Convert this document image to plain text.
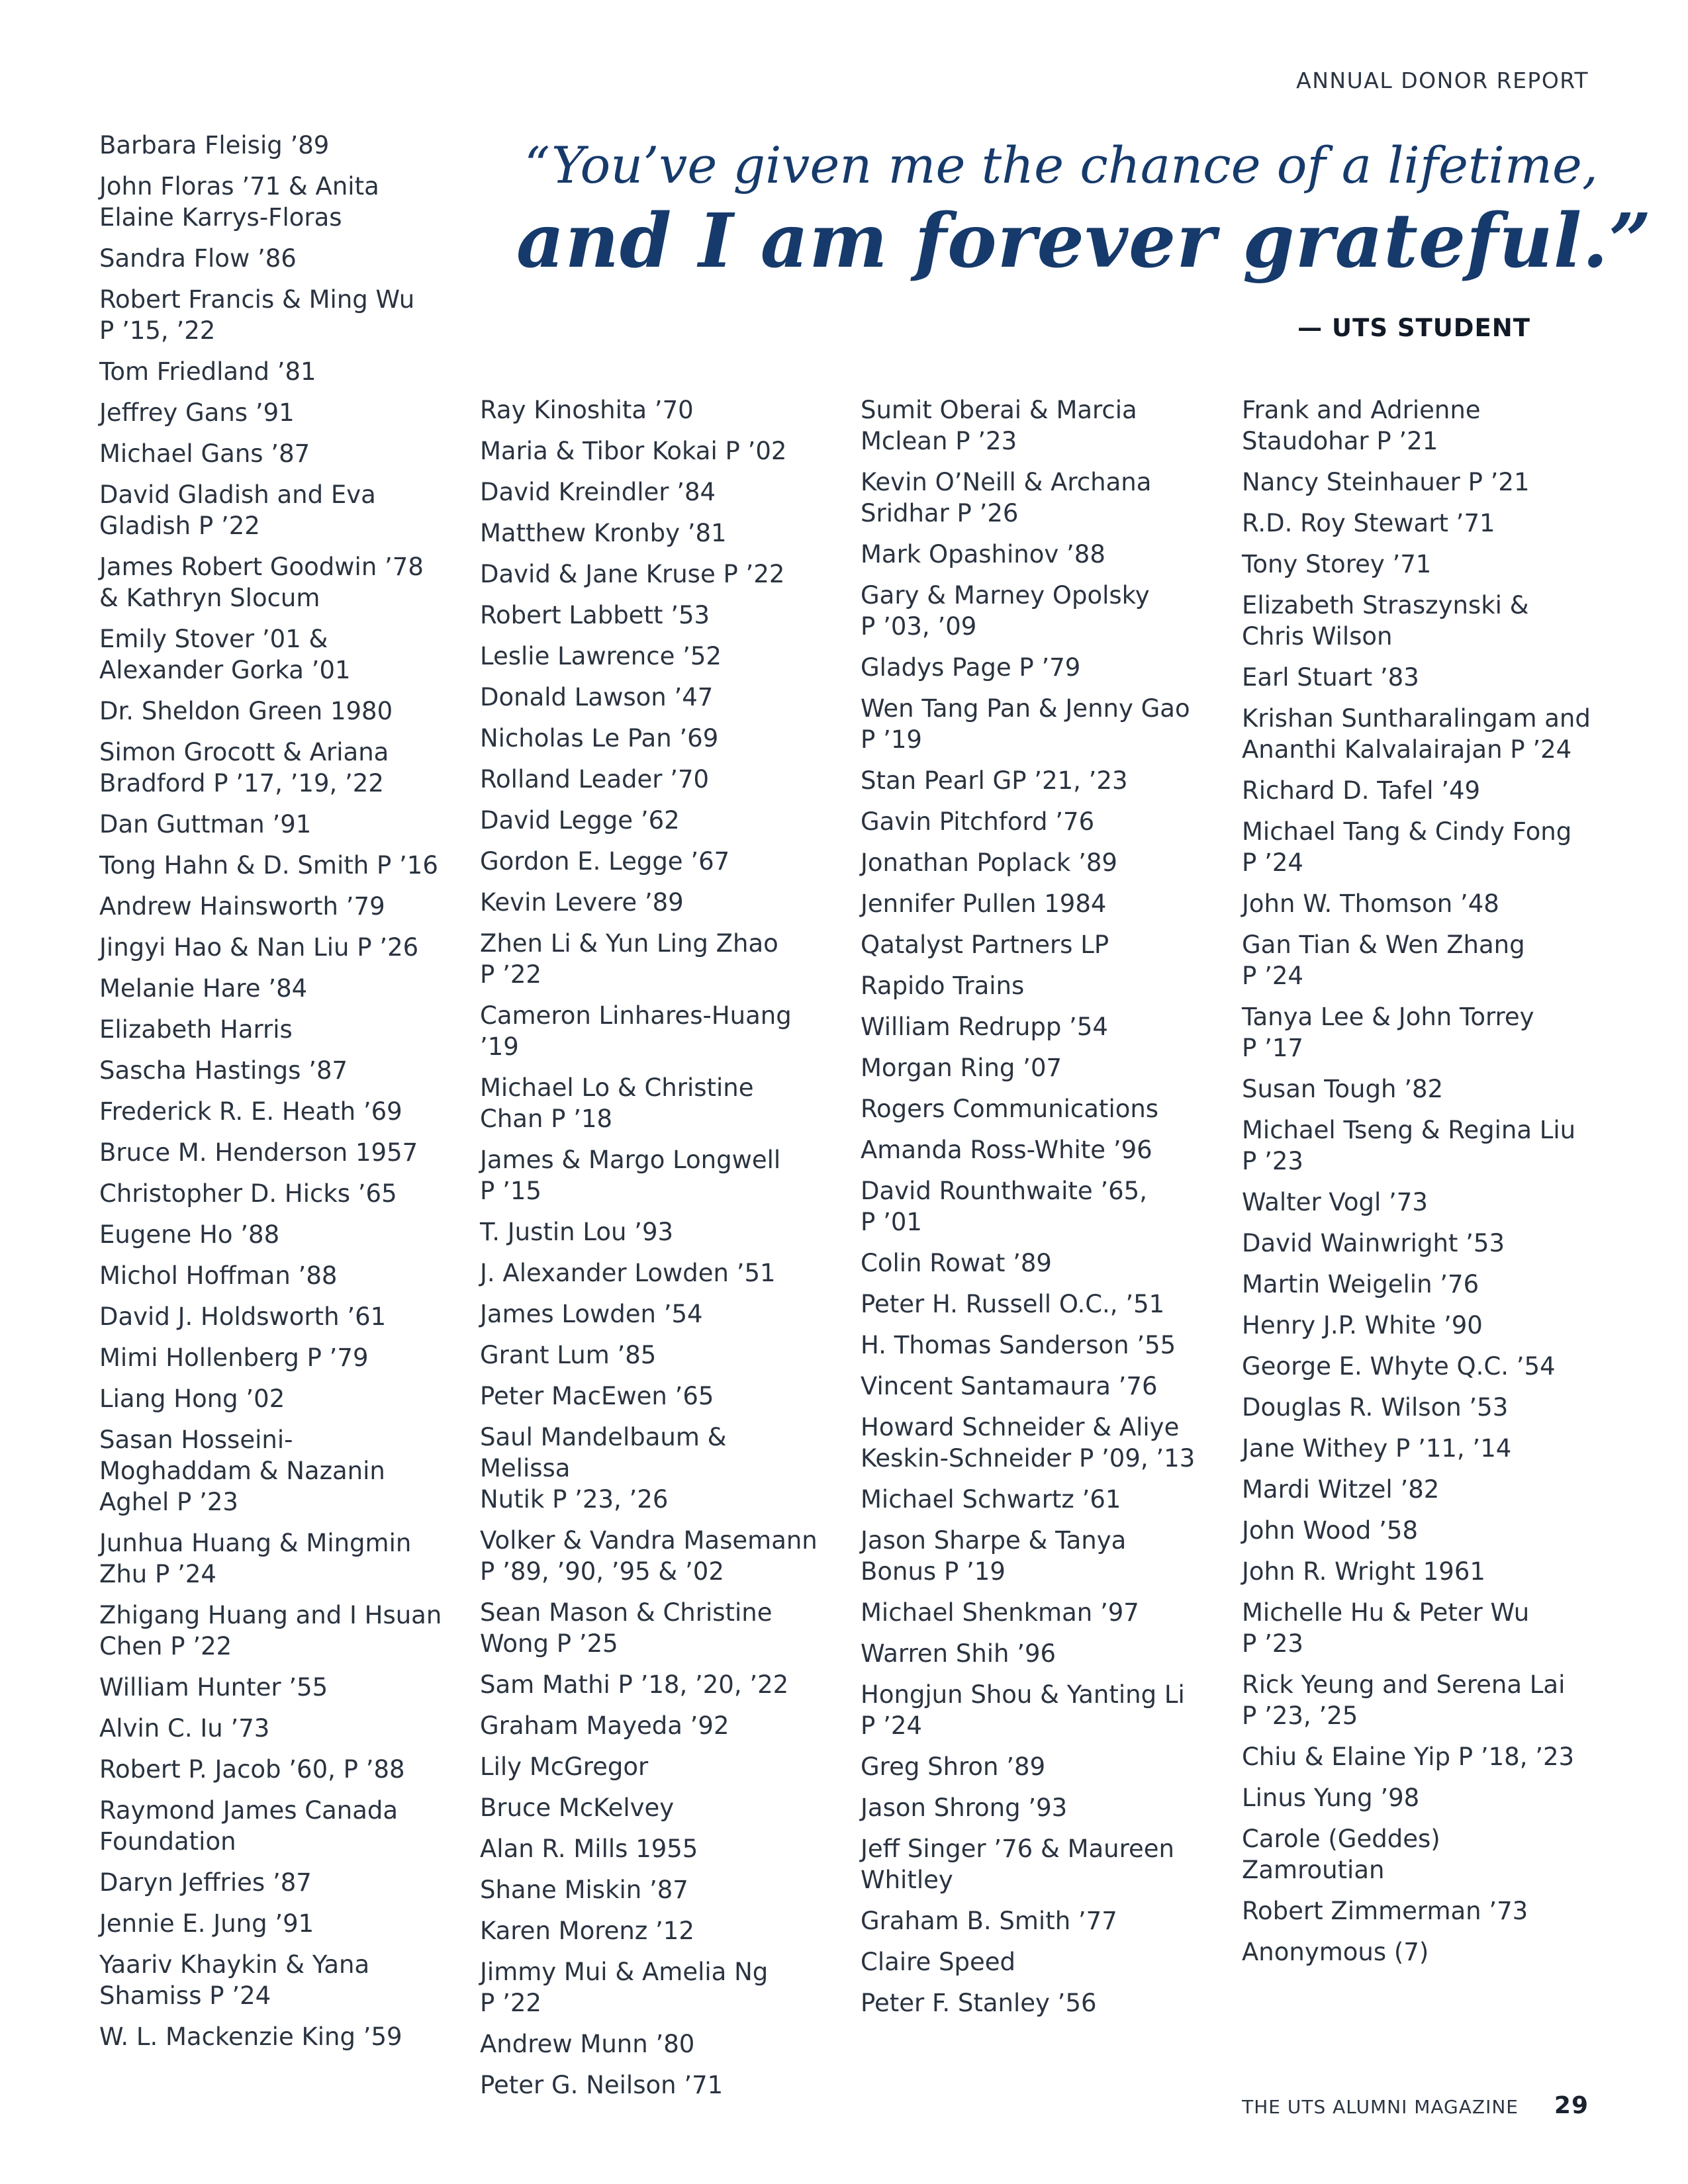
ANNUAL DONOR REPORT
“You’ve given me the chance of a lifetime,
and I am forever grateful.”
— UTS STUDENT
Barbara Fleisig ’89
John Floras ’71 & Anita
Elaine Karrys-Floras
Sandra Flow ’86
Robert Francis & Ming Wu
P ’15, ’22
Tom Friedland ’81
Jeffrey Gans ’91
Michael Gans ’87
David Gladish and Eva
Gladish P ’22
James Robert Goodwin ’78
& Kathryn Slocum
Emily Stover ’01 &
Alexander Gorka ’01
Dr. Sheldon Green 1980
Simon Grocott & Ariana
Bradford P ’17, ’19, ’22
Dan Guttman ’91
Tong Hahn & D. Smith P ’16
Andrew Hainsworth ’79
Jingyi Hao & Nan Liu P ’26
Melanie Hare ’84
Elizabeth Harris
Sascha Hastings ’87
Frederick R. E. Heath ’69
Bruce M. Henderson 1957
Christopher D. Hicks ’65
Eugene Ho ’88
Michol Hoffman ’88
David J. Holdsworth ’61
Mimi Hollenberg P ’79
Liang Hong ’02
Sasan Hosseini-
Moghaddam & Nazanin
Aghel P ’23
Junhua Huang & Mingmin
Zhu P ’24
Zhigang Huang and I Hsuan
Chen P ’22
William Hunter ’55
Alvin C. Iu ’73
Robert P. Jacob ’60, P ’88
Raymond James Canada
Foundation
Daryn Jeffries ’87
Jennie E. Jung ’91
Yaariv Khaykin & Yana
Shamiss P ’24
W. L. Mackenzie King ’59
Ray Kinoshita ’70
Maria & Tibor Kokai P ’02
David Kreindler ’84
Matthew Kronby ’81
David & Jane Kruse P ’22
Robert Labbett ’53
Leslie Lawrence ’52
Donald Lawson ’47
Nicholas Le Pan ’69
Rolland Leader ’70
David Legge ’62
Gordon E. Legge ’67
Kevin Levere ’89
Zhen Li & Yun Ling Zhao
P ’22
Cameron Linhares-Huang
’19
Michael Lo & Christine
Chan P ’18
James & Margo Longwell
P ’15
T. Justin Lou ’93
J. Alexander Lowden ’51
James Lowden ’54
Grant Lum ’85
Peter MacEwen ’65
Saul Mandelbaum & Melissa
Nutik P ’23, ’26
Volker & Vandra Masemann
P ’89, ’90, ’95 & ’02
Sean Mason & Christine
Wong P ’25
Sam Mathi P ’18, ’20, ’22
Graham Mayeda ’92
Lily McGregor
Bruce McKelvey
Alan R. Mills 1955
Shane Miskin ’87
Karen Morenz ’12
Jimmy Mui & Amelia Ng
P ’22
Andrew Munn ’80
Peter G. Neilson ’71
Sumit Oberai & Marcia
Mclean P ’23
Kevin O’Neill & Archana
Sridhar P ’26
Mark Opashinov ’88
Gary & Marney Opolsky
P ’03, ’09
Gladys Page P ’79
Wen Tang Pan & Jenny Gao
P ’19
Stan Pearl GP ’21, ’23
Gavin Pitchford ’76
Jonathan Poplack ’89
Jennifer Pullen 1984
Qatalyst Partners LP
Rapido Trains
William Redrupp ’54
Morgan Ring ’07
Rogers Communications
Amanda Ross-White ’96
David Rounthwaite ’65,
P ’01
Colin Rowat ’89
Peter H. Russell O.C., ’51
H. Thomas Sanderson ’55
Vincent Santamaura ’76
Howard Schneider & Aliye
Keskin-Schneider P ’09, ’13
Michael Schwartz ’61
Jason Sharpe & Tanya
Bonus P ’19
Michael Shenkman ’97
Warren Shih ’96
Hongjun Shou & Yanting Li
P ’24
Greg Shron ’89
Jason Shrong ’93
Jeff Singer ’76 & Maureen
Whitley
Graham B. Smith ’77
Claire Speed
Peter F. Stanley ’56
Frank and Adrienne
Staudohar P ’21
Nancy Steinhauer P ’21
R.D. Roy Stewart ’71
Tony Storey ’71
Elizabeth Straszynski &
Chris Wilson
Earl Stuart ’83
Krishan Suntharalingam and
Ananthi Kalvalairajan P ’24
Richard D. Tafel ’49
Michael Tang & Cindy Fong
P ’24
John W. Thomson ’48
Gan Tian & Wen Zhang
P ’24
Tanya Lee & John Torrey
P ’17
Susan Tough ’82
Michael Tseng & Regina Liu
P ’23
Walter Vogl ’73
David Wainwright ’53
Martin Weigelin ’76
Henry J.P. White ’90
George E. Whyte Q.C. ’54
Douglas R. Wilson ’53
Jane Withey P ’11, ’14
Mardi Witzel ’82
John Wood ’58
John R. Wright 1961
Michelle Hu & Peter Wu
P ’23
Rick Yeung and Serena Lai
P ’23, ’25
Chiu & Elaine Yip P ’18, ’23
Linus Yung ’98
Carole (Geddes)
Zamroutian
Robert Zimmerman ’73
Anonymous (7)
THE UTS ALUMNI MAGAZINE 29
